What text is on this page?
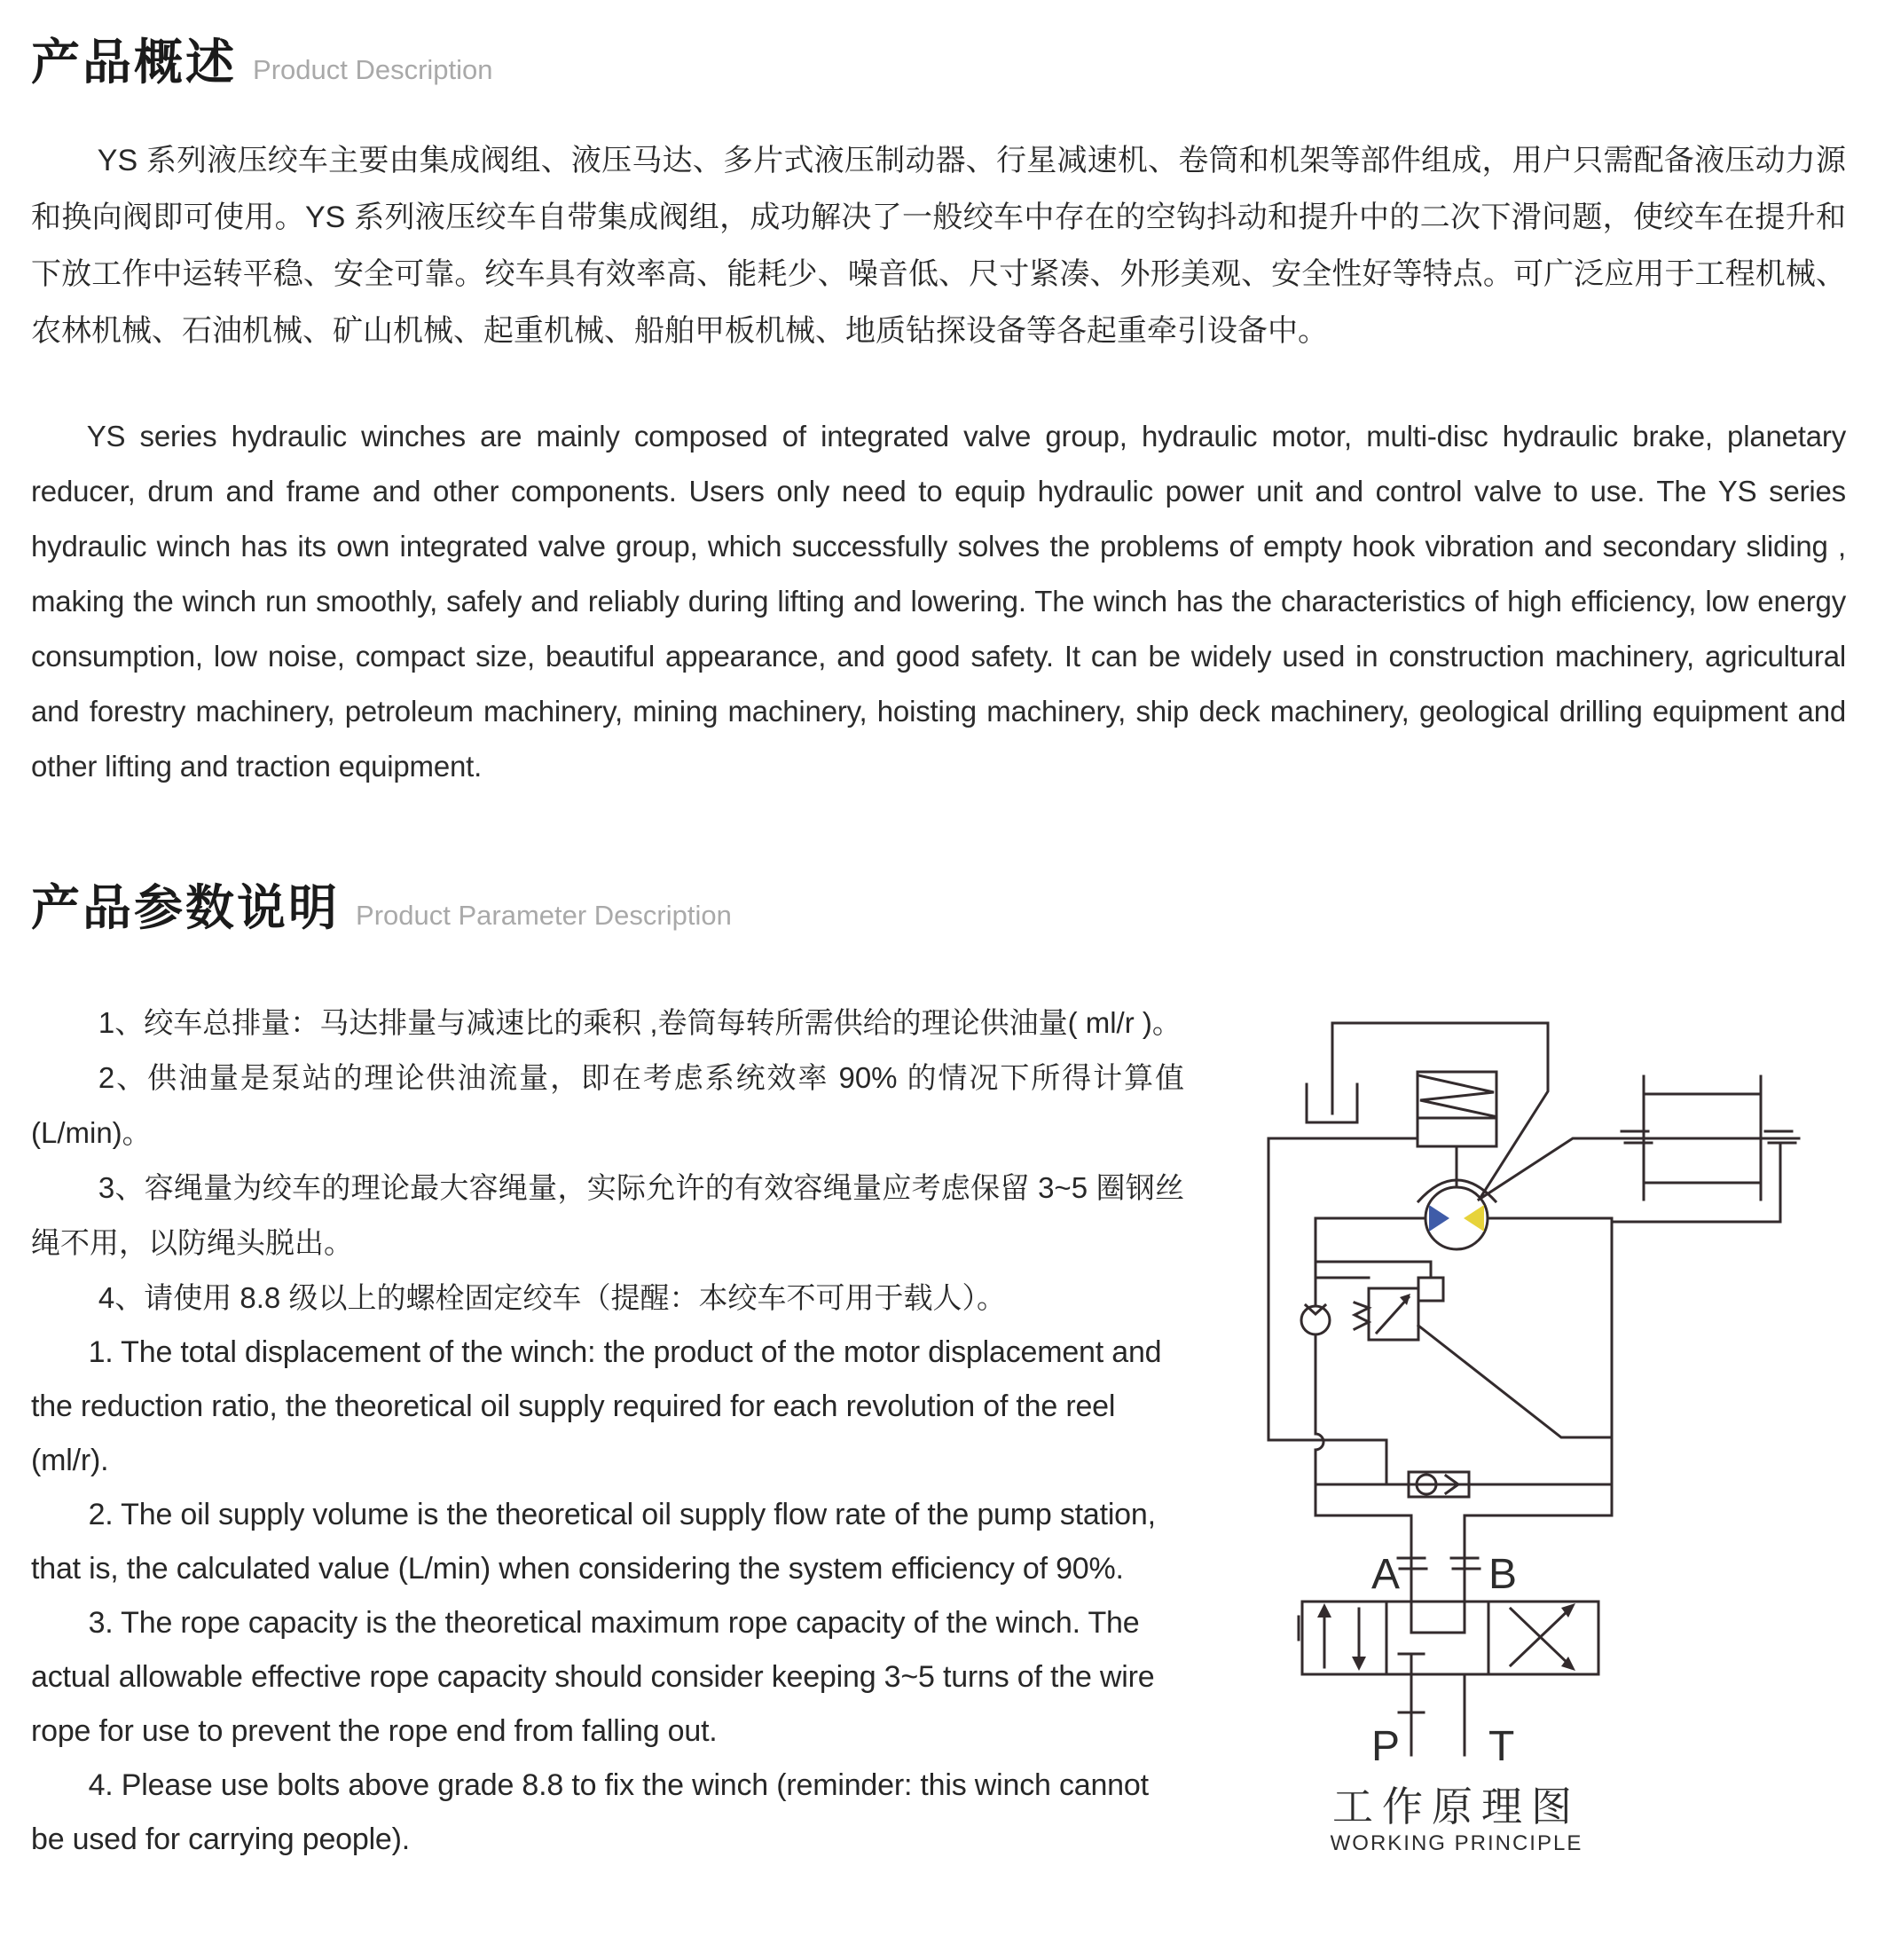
产品概述 Product Description

YS 系列液压绞车主要由集成阀组、液压马达、多片式液压制动器、行星减速机、卷筒和机架等部件组成，用户只需配备液压动力源和换向阀即可使用。YS 系列液压绞车自带集成阀组，成功解决了一般绞车中存在的空钩抖动和提升中的二次下滑问题，使绞车在提升和下放工作中运转平稳、安全可靠。绞车具有效率高、能耗少、噪音低、尺寸紧凑、外形美观、安全性好等特点。可广泛应用于工程机械、农林机械、石油机械、矿山机械、起重机械、船舶甲板机械、地质钻探设备等各起重牵引设备中。

YS series hydraulic winches are mainly composed of integrated valve group, hydraulic motor, multi-disc hydraulic brake, planetary reducer, drum and frame and other components. Users only need to equip hydraulic power unit and control valve to use. The YS series hydraulic winch has its own integrated valve group, which successfully solves the problems of empty hook vibration and secondary sliding , making the winch run smoothly, safely and reliably during lifting and lowering. The winch has the characteristics of high efficiency, low energy consumption, low noise, compact size, beautiful appearance, and good safety. It can be widely used in construction machinery, agricultural and forestry machinery, petroleum machinery, mining machinery, hoisting machinery, ship deck machinery, geological drilling equipment and other lifting and traction equipment.

产品参数说明 Product Parameter Description

1、绞车总排量：马达排量与减速比的乘积 ,卷筒每转所需供给的理论供油量( ml/r )。

2、供油量是泵站的理论供油流量，即在考虑系统效率 90% 的情况下所得计算值 (L/min)。

3、容绳量为绞车的理论最大容绳量，实际允许的有效容绳量应考虑保留 3~5 圈钢丝绳不用，以防绳头脱出。

4、请使用 8.8 级以上的螺栓固定绞车（提醒：本绞车不可用于载人）。

1. The total displacement of the winch: the product of the motor displacement and the reduction ratio, the theoretical oil supply required for each revolution of the reel (ml/r).

2. The oil supply volume is the theoretical oil supply flow rate of the pump station, that is, the calculated value (L/min) when considering the system efficiency of 90%.

3. The rope capacity is the theoretical maximum rope capacity of the winch. The actual allowable effective rope capacity should consider keeping 3~5 turns of the wire rope for use to prevent the rope end from falling out.

4. Please use bolts above grade 8.8 to fix the winch (reminder: this winch cannot be used for carrying people).

A B
P T
工作原理图
WORKING PRINCIPLE
